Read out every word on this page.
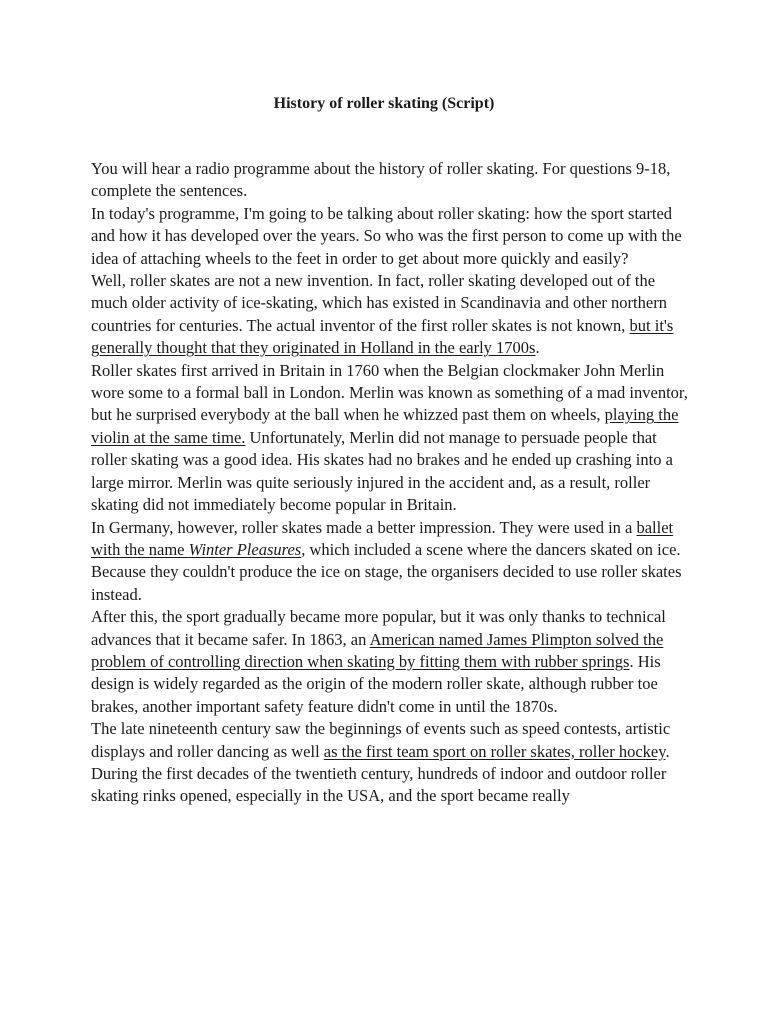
History of roller skating (Script)

You will hear a radio programme about the history of roller skating. For questions 9-18, complete the sentences.

In today's programme, I'm going to be talking about roller skating: how the sport started and how it has developed over the years. So who was the first person to come up with the idea of attaching wheels to the feet in order to get about more quickly and easily?

Well, roller skates are not a new invention. In fact, roller skating developed out of the much older activity of ice-skating, which has existed in Scandinavia and other northern countries for centuries. The actual inventor of the first roller skates is not known, but it's generally thought that they originated in Holland in the early 1700s.

Roller skates first arrived in Britain in 1760 when the Belgian clockmaker John Merlin wore some to a formal ball in London. Merlin was known as something of a mad inventor, but he surprised everybody at the ball when he whizzed past them on wheels, playing the violin at the same time. Unfortunately, Merlin did not manage to persuade people that roller skating was a good idea. His skates had no brakes and he ended up crashing into a large mirror. Merlin was quite seriously injured in the accident and, as a result, roller skating did not immediately become popular in Britain.

In Germany, however, roller skates made a better impression. They were used in a ballet with the name Winter Pleasures, which included a scene where the dancers skated on ice. Because they couldn't produce the ice on stage, the organisers decided to use roller skates instead.

After this, the sport gradually became more popular, but it was only thanks to technical advances that it became safer. In 1863, an American named James Plimpton solved the problem of controlling direction when skating by fitting them with rubber springs. His design is widely regarded as the origin of the modern roller skate, although rubber toe brakes, another important safety feature didn't come in until the 1870s.

The late nineteenth century saw the beginnings of events such as speed contests, artistic displays and roller dancing as well as the first team sport on roller skates, roller hockey.

During the first decades of the twentieth century, hundreds of indoor and outdoor roller skating rinks opened, especially in the USA, and the sport became really
